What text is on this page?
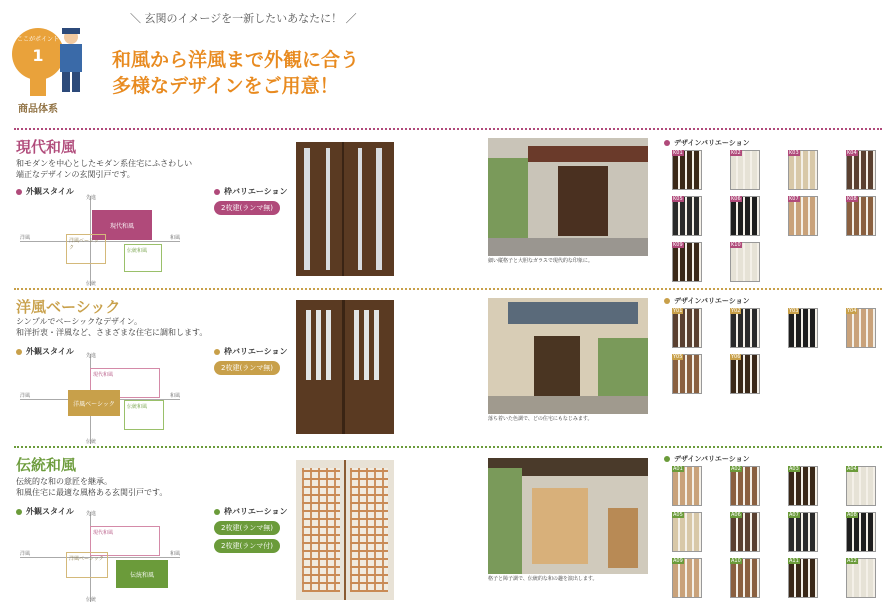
ここがポイント
1
商品体系
＼ 玄関のイメージを一新したいあなたに！ ／
和風から洋風まで外観に合う
多様なデザインをご用意！
現代和風
和モダンを中心としたモダン系住宅にふさわしい
端正なデザインの玄関引戸です。
外観スタイル
先進
伝統
洋風	和風
現代和風
洋風ベーシック	伝統和風
枠バリエーション
2枚建(ランマ無)
細い縦格子と大胆なガラスで現代的な印象に。
デザインバリエーション
K01	K02	K03	K04
K05	K06	K07	K08
K09	K10
洋風ベーシック
シンプルでベーシックなデザイン。
和洋折衷・洋風など、さまざまな住宅に調和します。
外観スタイル 先進
伝統
洋風	和風
現代和風
洋風ベーシック	伝統和風
枠バリエーション
2枚建(ランマ無)
落ち着いた色調で、どの住宅にもなじみます。
デザインバリエーション
Y01	Y02	Y03	Y04
Y05	Y06
伝統和風
伝統的な和の意匠を継承。
和風住宅に最適な風格ある玄関引戸です。
外観スタイル 先進
伝統
洋風	和風
現代和風
洋風ベーシック
伝統和風
枠バリエーション
2枚建(ランマ無)
2枚建(ランマ付)
格子と障子調で、伝統的な和の趣を演出します。
デザインバリエーション
A01	A02	A03	A04
A05	A06	A07	A08
A09	A10	A11	A12
